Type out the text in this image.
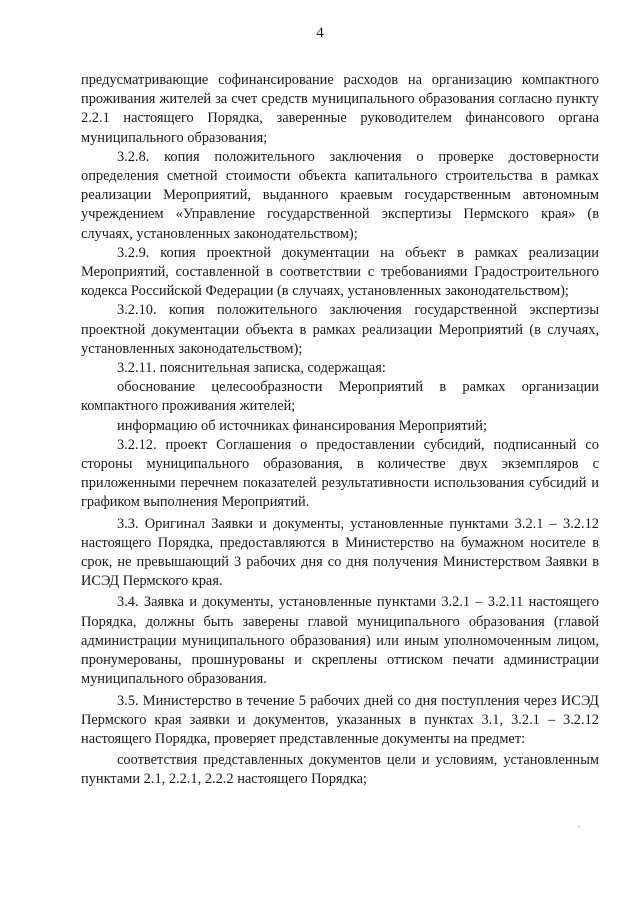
4

предусматривающие софинансирование расходов на организацию компактного проживания жителей за счет средств муниципального образования согласно пункту 2.2.1 настоящего Порядка, заверенные руководителем финансового органа муниципального образования;

3.2.8. копия положительного заключения о проверке достоверности определения сметной стоимости объекта капитального строительства в рамках реализации Мероприятий, выданного краевым государственным автономным учреждением «Управление государственной экспертизы Пермского края» (в случаях, установленных законодательством);

3.2.9. копия проектной документации на объект в рамках реализации Мероприятий, составленной в соответствии с требованиями Градостроительного кодекса Российской Федерации (в случаях, установленных законодательством);

3.2.10. копия положительного заключения государственной экспертизы проектной документации объекта в рамках реализации Мероприятий (в случаях, установленных законодательством);

3.2.11. пояснительная записка, содержащая:

обоснование целесообразности Мероприятий в рамках организации компактного проживания жителей;

информацию об источниках финансирования Мероприятий;

3.2.12. проект Соглашения о предоставлении субсидий, подписанный со стороны муниципального образования, в количестве двух экземпляров с приложенными перечнем показателей результативности использования субсидий и графиком выполнения Мероприятий.

3.3. Оригинал Заявки и документы, установленные пунктами 3.2.1 – 3.2.12 настоящего Порядка, предоставляются в Министерство на бумажном носителе в срок, не превышающий 3 рабочих дня со дня получения Министерством Заявки в ИСЭД Пермского края.

3.4. Заявка и документы, установленные пунктами 3.2.1 – 3.2.11 настоящего Порядка, должны быть заверены главой муниципального образования (главой администрации муниципального образования) или иным уполномоченным лицом, пронумерованы, прошнурованы и скреплены оттиском печати администрации муниципального образования.

3.5. Министерство в течение 5 рабочих дней со дня поступления через ИСЭД Пермского края заявки и документов, указанных в пунктах 3.1, 3.2.1 – 3.2.12 настоящего Порядка, проверяет представленные документы на предмет:

соответствия представленных документов цели и условиям, установленным пунктами 2.1, 2.2.1, 2.2.2 настоящего Порядка;
